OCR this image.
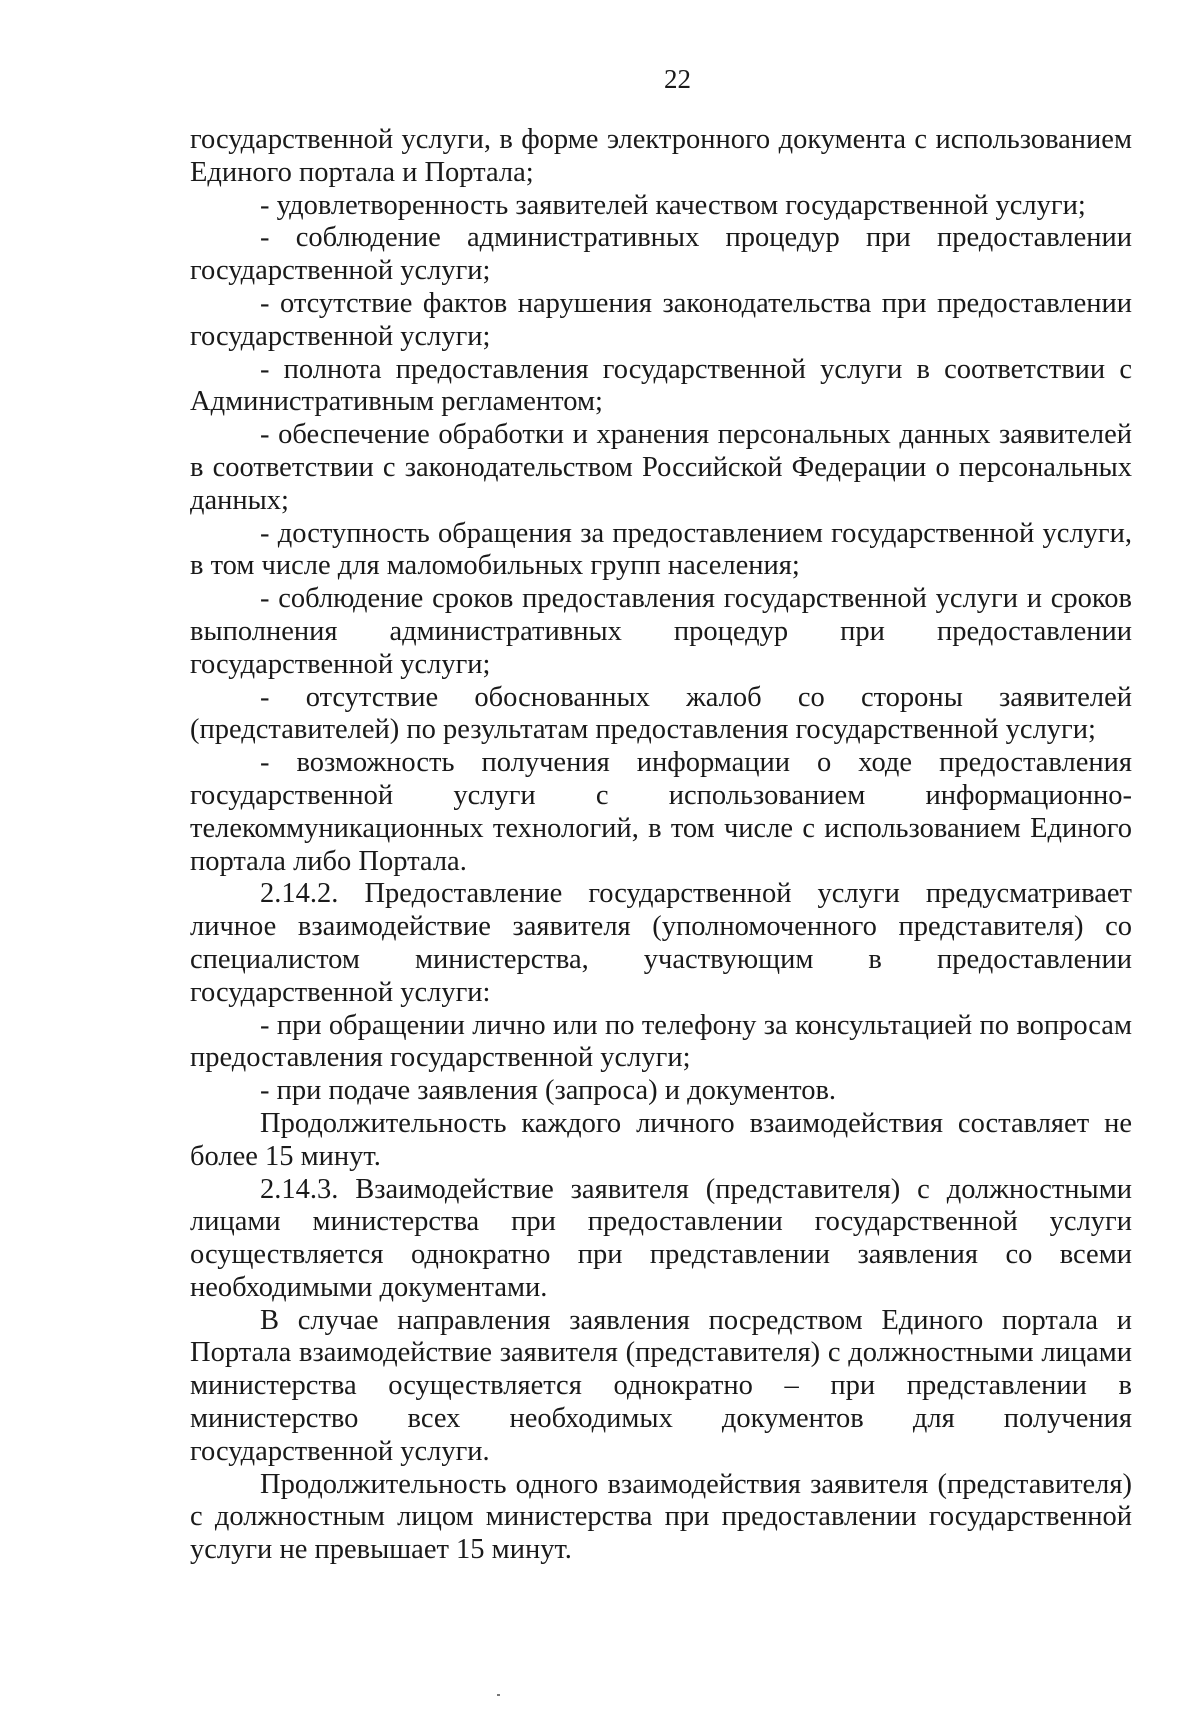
22

государственной услуги, в форме электронного документа с использованием Единого портала и Портала;

- удовлетворенность заявителей качеством государственной услуги;

- соблюдение административных процедур при предоставлении государственной услуги;

- отсутствие фактов нарушения законодательства при предоставлении государственной услуги;

- полнота предоставления государственной услуги в соответствии с Административным регламентом;

- обеспечение обработки и хранения персональных данных заявителей в соответствии с законодательством Российской Федерации о персональных данных;

- доступность обращения за предоставлением государственной услуги, в том числе для маломобильных групп населения;

- соблюдение сроков предоставления государственной услуги и сроков выполнения административных процедур при предоставлении государственной услуги;

- отсутствие обоснованных жалоб со стороны заявителей (представителей) по результатам предоставления государственной услуги;

- возможность получения информации о ходе предоставления государственной услуги с использованием информационно-телекоммуникационных технологий, в том числе с использованием Единого портала либо Портала.

2.14.2. Предоставление государственной услуги предусматривает личное взаимодействие заявителя (уполномоченного представителя) со специалистом министерства, участвующим в предоставлении государственной услуги:

- при обращении лично или по телефону за консультацией по вопросам предоставления государственной услуги;

- при подаче заявления (запроса) и документов.

Продолжительность каждого личного взаимодействия составляет не более 15 минут.

2.14.3. Взаимодействие заявителя (представителя) с должностными лицами министерства при предоставлении государственной услуги осуществляется однократно при представлении заявления со всеми необходимыми документами.

В случае направления заявления посредством Единого портала и Портала взаимодействие заявителя (представителя) с должностными лицами министерства осуществляется однократно – при представлении в министерство всех необходимых документов для получения государственной услуги.

Продолжительность одного взаимодействия заявителя (представителя) с должностным лицом министерства при предоставлении государственной услуги не превышает 15 минут.
